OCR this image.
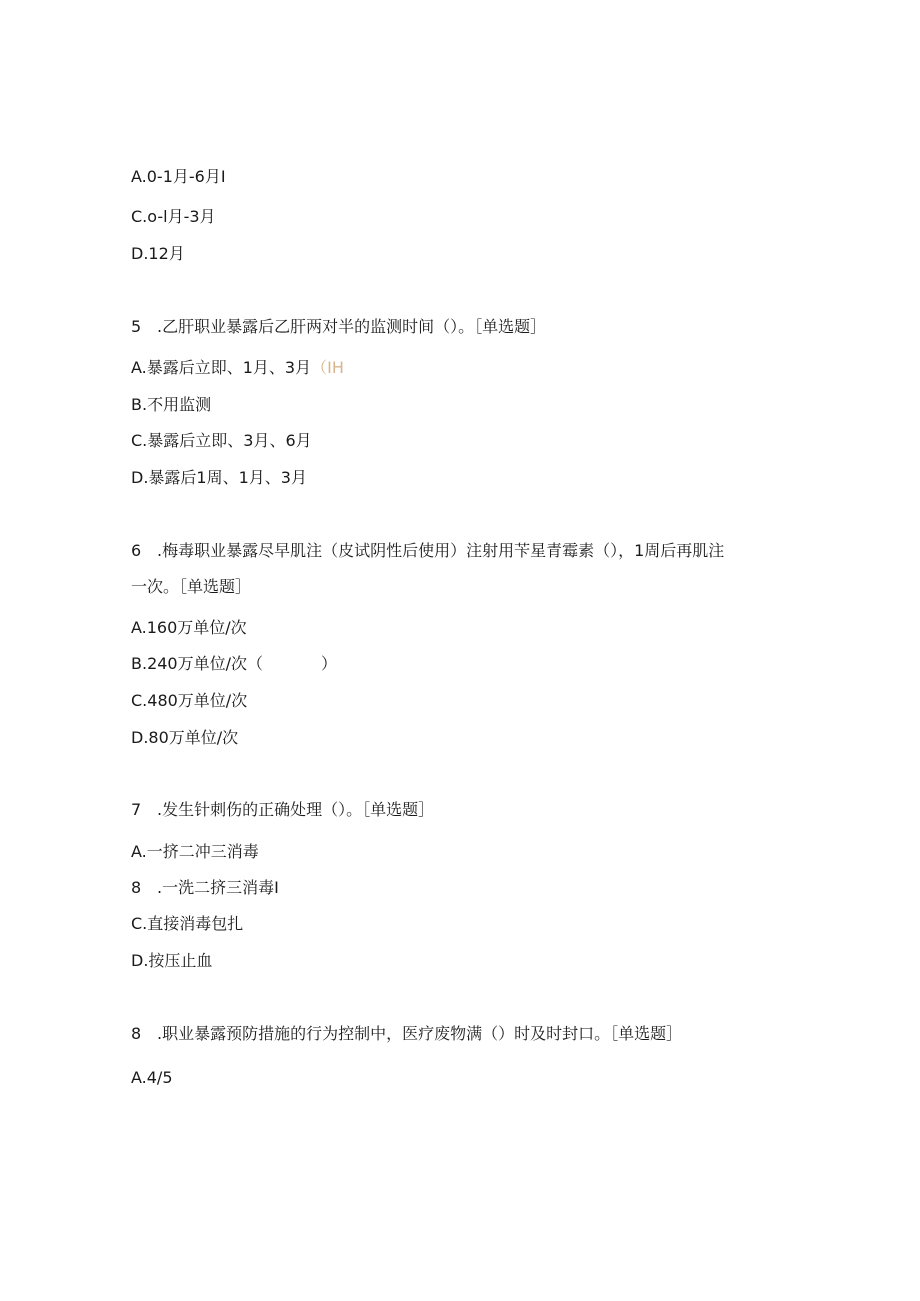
A.0-1月-6月I
C.o-l月-3月
D.12月
5 .乙肝职业暴露后乙肝两对半的监测时间（）。［单选题］
A.暴露后立即、1月、3月（IH
B.不用监测
C.暴露后立即、3月、6月
D.暴露后1周、1月、3月
6 .梅毒职业暴露尽早肌注（皮试阴性后使用）注射用苄星青霉素（），1周后再肌注
一次。［单选题］
A.160万单位/次
B.240万单位/次（	）
C.480万单位/次
D.80万单位/次
7 .发生针刺伤的正确处理（）。［单选题］
A.一挤二冲三消毒
8 .一洗二挤三消毒I
C.直接消毒包扎
D.按压止血
8 .职业暴露预防措施的行为控制中，医疗废物满（）时及时封口。［单选题］
A.4/5
